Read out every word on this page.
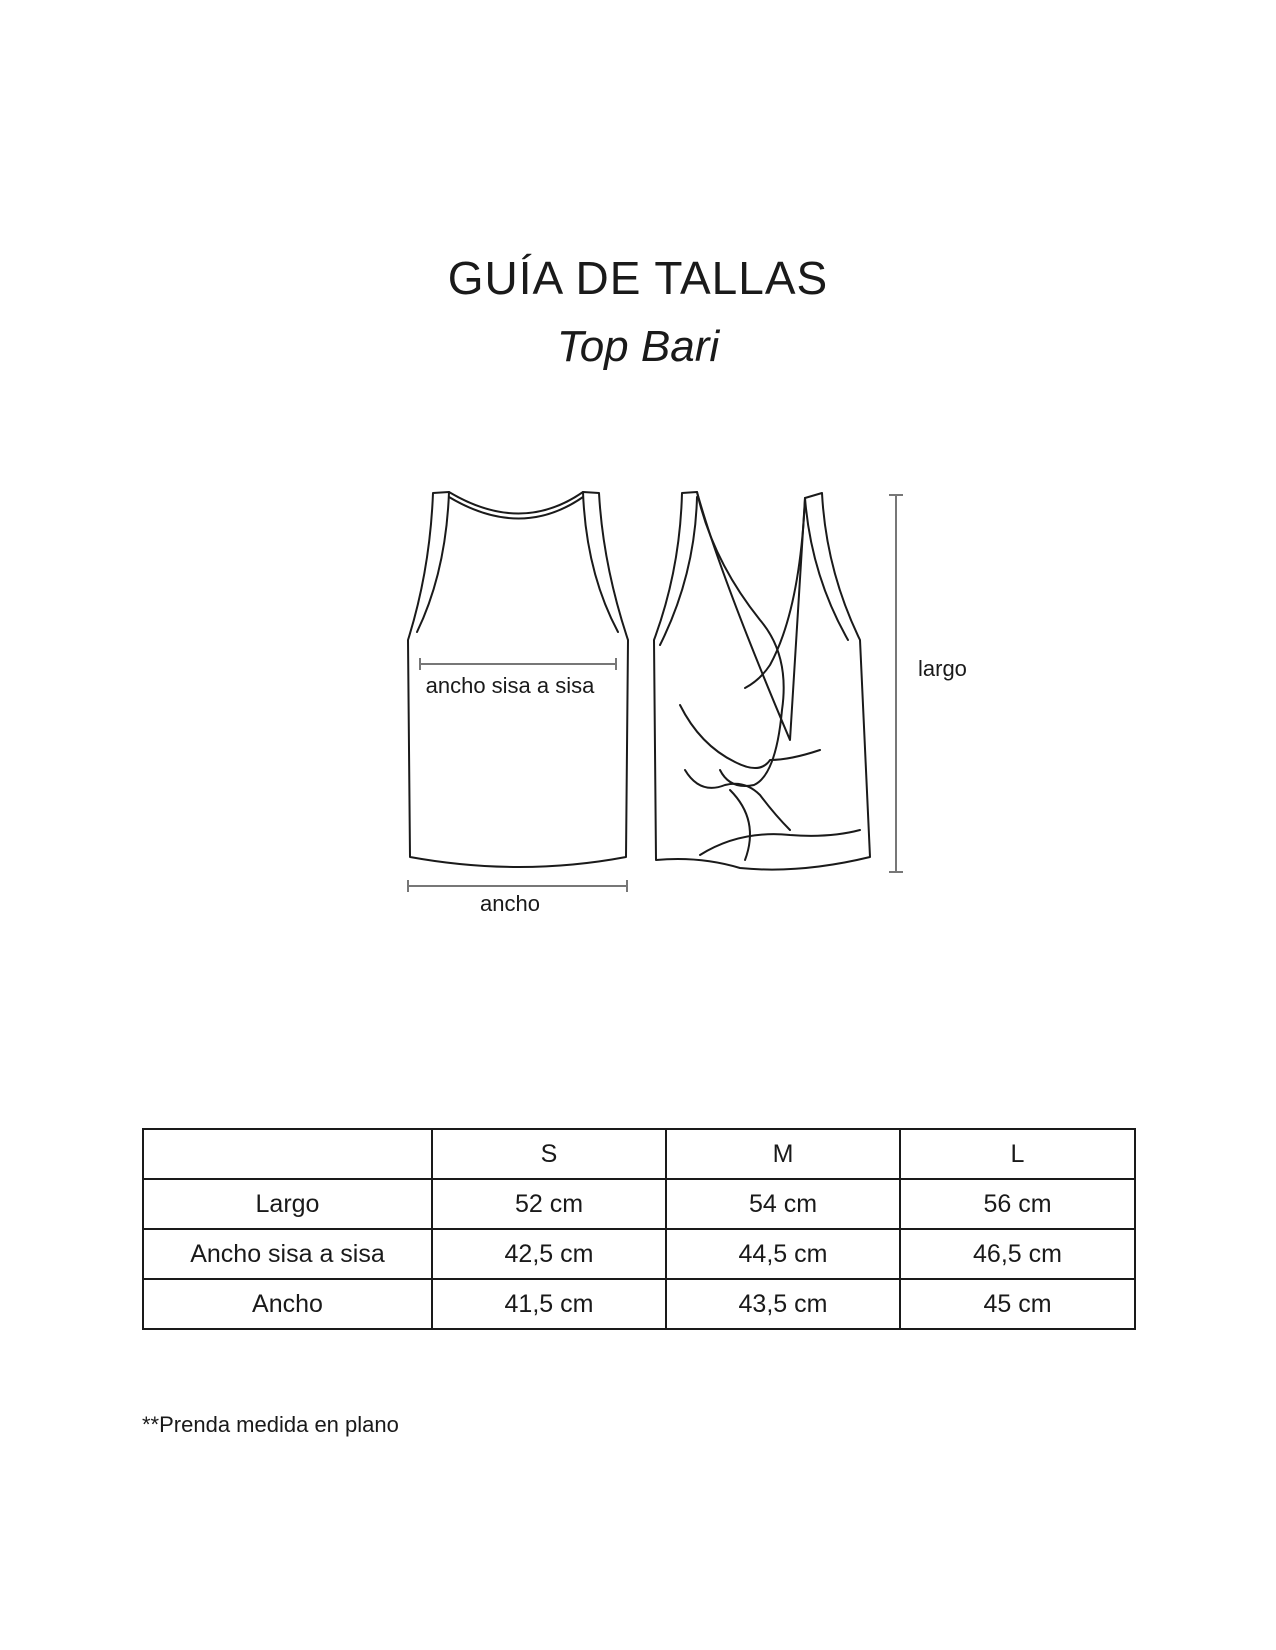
GUÍA DE TALLAS
Top Bari
ancho sisa a sisa
ancho
largo
	S	M	L
Largo	52 cm	54 cm	56 cm
Ancho sisa a sisa	42,5 cm	44,5 cm	46,5 cm
Ancho	41,5 cm	43,5 cm	45 cm
**Prenda medida en plano
